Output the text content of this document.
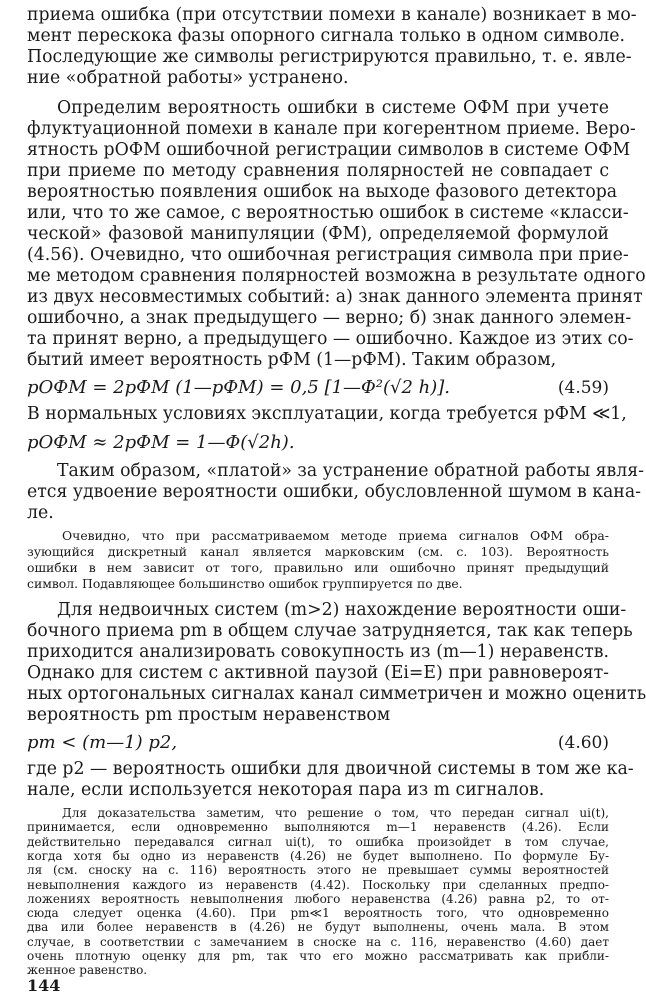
приема ошибка (при отсутствии помехи в канале) возникает в мо-
мент перескока фазы опорного сигнала только в одном символе.
Последующие же символы регистрируются правильно, т. е. явле-
ние «обратной работы» устранено.
Определим вероятность ошибки в системе ОФМ при учете
флуктуационной помехи в канале при когерентном приеме. Веро-
ятность pОФМ ошибочной регистрации символов в системе ОФМ
при приеме по методу сравнения полярностей не совпадает с
вероятностью появления ошибок на выходе фазового детектора
или, что то же самое, с вероятностью ошибок в системе «класси-
ческой» фазовой манипуляции (ФМ), определяемой формулой
(4.56). Очевидно, что ошибочная регистрация символа при прие-
ме методом сравнения полярностей возможна в результате одного
из двух несовместимых событий: а) знак данного элемента принят
ошибочно, а знак предыдущего — верно; б) знак данного элемен-
та принят верно, а предыдущего — ошибочно. Каждое из этих со-
бытий имеет вероятность pФМ (1—pФМ). Таким образом,
pОФМ = 2pФМ (1—pФМ) = 0,5 [1—Φ²(√2 h)].	(4.59)
В нормальных условиях эксплуатации, когда требуется pФМ ≪1,
pОФМ ≈ 2pФМ = 1—Φ(√2h).
Таким образом, «платой» за устранение обратной работы явля-
ется удвоение вероятности ошибки, обусловленной шумом в кана-
ле.
Очевидно, что при рассматриваемом методе приема сигналов ОФМ обра-
зующийся дискретный канал является марковским (см. с. 103). Вероятность
ошибки в нем зависит от того, правильно или ошибочно принят предыдущий
символ. Подавляющее большинство ошибок группируется по две.
Для недвоичных систем (m>2) нахождение вероятности оши-
бочного приема pm в общем случае затрудняется, так как теперь
приходится анализировать совокупность из (m—1) неравенств.
Однако для систем с активной паузой (Ei=E) при равновероят-
ных ортогональных сигналах канал симметричен и можно оценить
вероятность pm простым неравенством
pm < (m—1) p2,	(4.60)
где p2 — вероятность ошибки для двоичной системы в том же ка-
нале, если используется некоторая пара из m сигналов.
Для доказательства заметим, что решение о том, что передан сигнал ui(t),
принимается, если одновременно выполняются m—1 неравенств (4.26). Если
действительно передавался сигнал ui(t), то ошибка произойдет в том случае,
когда хотя бы одно из неравенств (4.26) не будет выполнено. По формуле Бу-
ля (см. сноску на с. 116) вероятность этого не превышает суммы вероятностей
невыполнения каждого из неравенств (4.42). Поскольку при сделанных предпо-
ложениях вероятность невыполнения любого неравенства (4.26) равна p2, то от-
сюда следует оценка (4.60). При pm≪1 вероятность того, что одновременно
два или более неравенств в (4.26) не будут выполнены, очень мала. В этом
случае, в соответствии с замечанием в сноске на с. 116, неравенство (4.60) дает
очень плотную оценку для pm, так что его можно рассматривать как прибли-
женное равенство.
144
